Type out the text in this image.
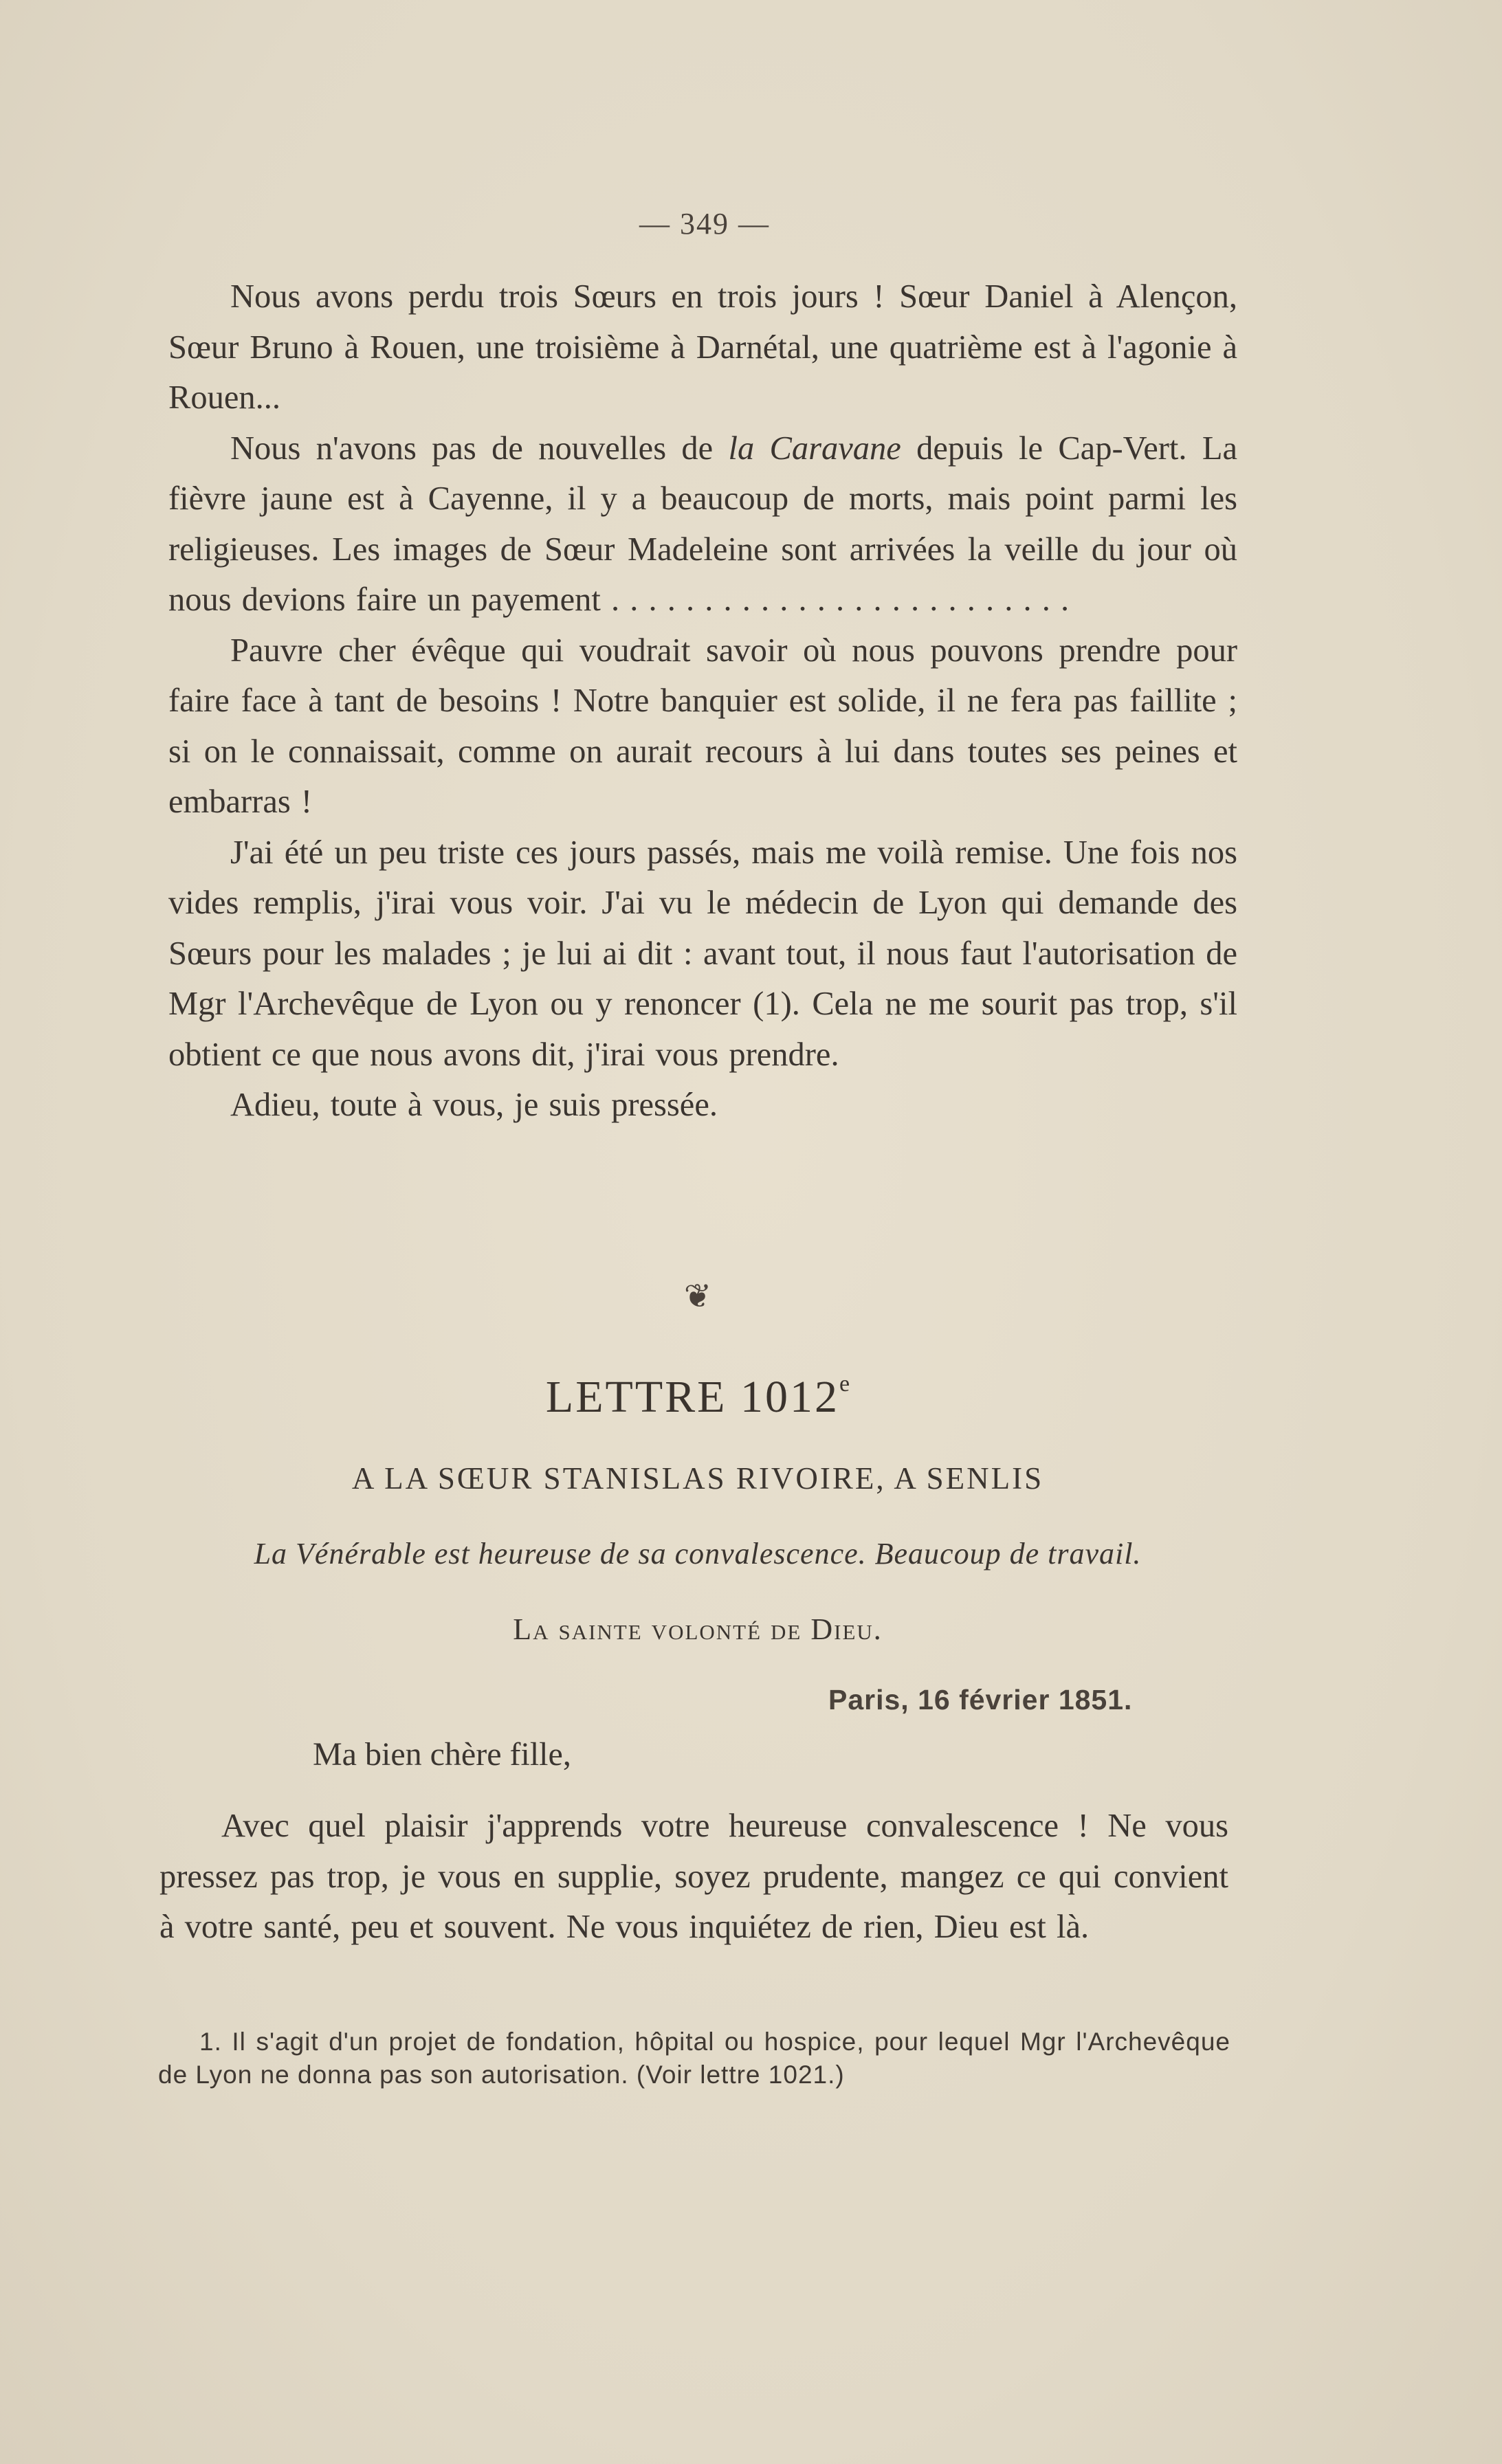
— 349 —

Nous avons perdu trois Sœurs en trois jours ! Sœur Daniel à Alençon, Sœur Bruno à Rouen, une troisième à Darnétal, une quatrième est à l'agonie à Rouen...

Nous n'avons pas de nouvelles de la Caravane depuis le Cap-Vert. La fièvre jaune est à Cayenne, il y a beaucoup de morts, mais point parmi les religieuses. Les images de Sœur Madeleine sont arrivées la veille du jour où nous devions faire un payement . . . . . . . . . . . . . . . . . . . . . . . . .

Pauvre cher évêque qui voudrait savoir où nous pouvons prendre pour faire face à tant de besoins ! Notre banquier est solide, il ne fera pas faillite ; si on le connaissait, comme on aurait recours à lui dans toutes ses peines et embarras !

J'ai été un peu triste ces jours passés, mais me voilà remise. Une fois nos vides remplis, j'irai vous voir. J'ai vu le médecin de Lyon qui demande des Sœurs pour les malades ; je lui ai dit : avant tout, il nous faut l'autorisation de Mgr l'Archevêque de Lyon ou y renoncer (1). Cela ne me sourit pas trop, s'il obtient ce que nous avons dit, j'irai vous prendre.

Adieu, toute à vous, je suis pressée.

❦
LETTRE 1012e
A LA SŒUR STANISLAS RIVOIRE, A SENLIS
La Vénérable est heureuse de sa convalescence. Beaucoup de travail.
La sainte volonté de Dieu.
Paris, 16 février 1851.
Ma bien chère fille,

Avec quel plaisir j'apprends votre heureuse convalescence ! Ne vous pressez pas trop, je vous en supplie, soyez prudente, mangez ce qui convient à votre santé, peu et souvent. Ne vous inquiétez de rien, Dieu est là.

1. Il s'agit d'un projet de fondation, hôpital ou hospice, pour lequel Mgr l'Archevêque de Lyon ne donna pas son autorisation. (Voir lettre 1021.)
